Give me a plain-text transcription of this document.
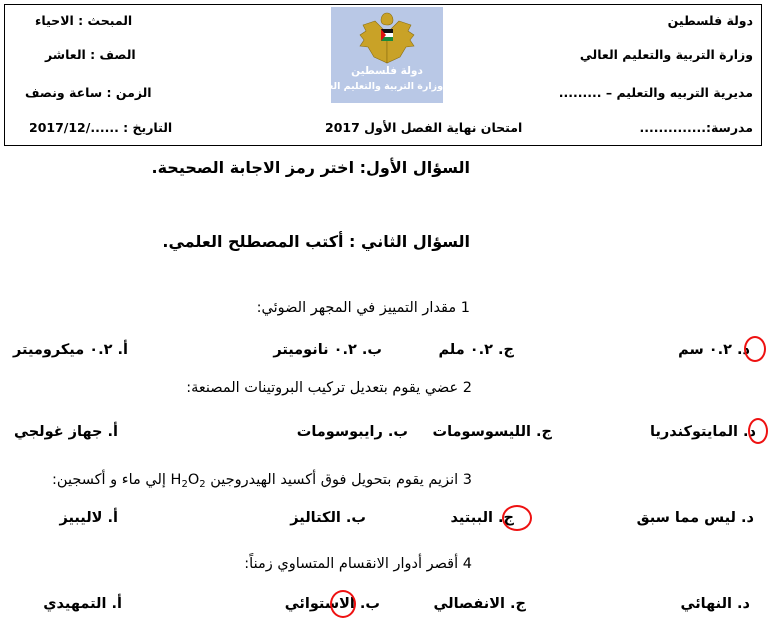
دولة فلسطين
وزارة التربية والتعليم العالي
مديرية التربيه والتعليم – .........
مدرسة:..............
المبحث : الاحياء
الصف : العاشر
الزمن : ساعة ونصف
التاريخ : ....../2017/12	امتحان نهاية الفصل الأول 2017
دولة فلسطين
وزارة التربية والتعليم العالي
السؤال الأول: اختر رمز الاجابة الصحيحة.
السؤال الثاني : أكتب المصطلح العلمي.
1 مقدار التمييز في المجهر الضوئي:
أ. ٠.٢ ميكروميتر	ب. ٠.٢ نانوميتر	ج. ٠.٢ ملم	د. ٠.٢ سم
2 عضي يقوم بتعديل تركيب البروتينات المصنعة:
أ. جهاز غولجي	ب. رايبوسومات ج. الليسوسومات	د. المايتوكندريا
3 انزيم يقوم بتحويل فوق أكسيد الهيدروجين $H_2O_2$ إلي ماء و أكسجين:
أ. لاليبيز	ب. الكتاليز	ج. الببتيد	د. ليس مما سبق
4 أقصر أدوار الانقسام المتساوي زمناً:
أ. التمهيدي	ب. الاستوائي	ج. الانفصالي	د. النهائي
